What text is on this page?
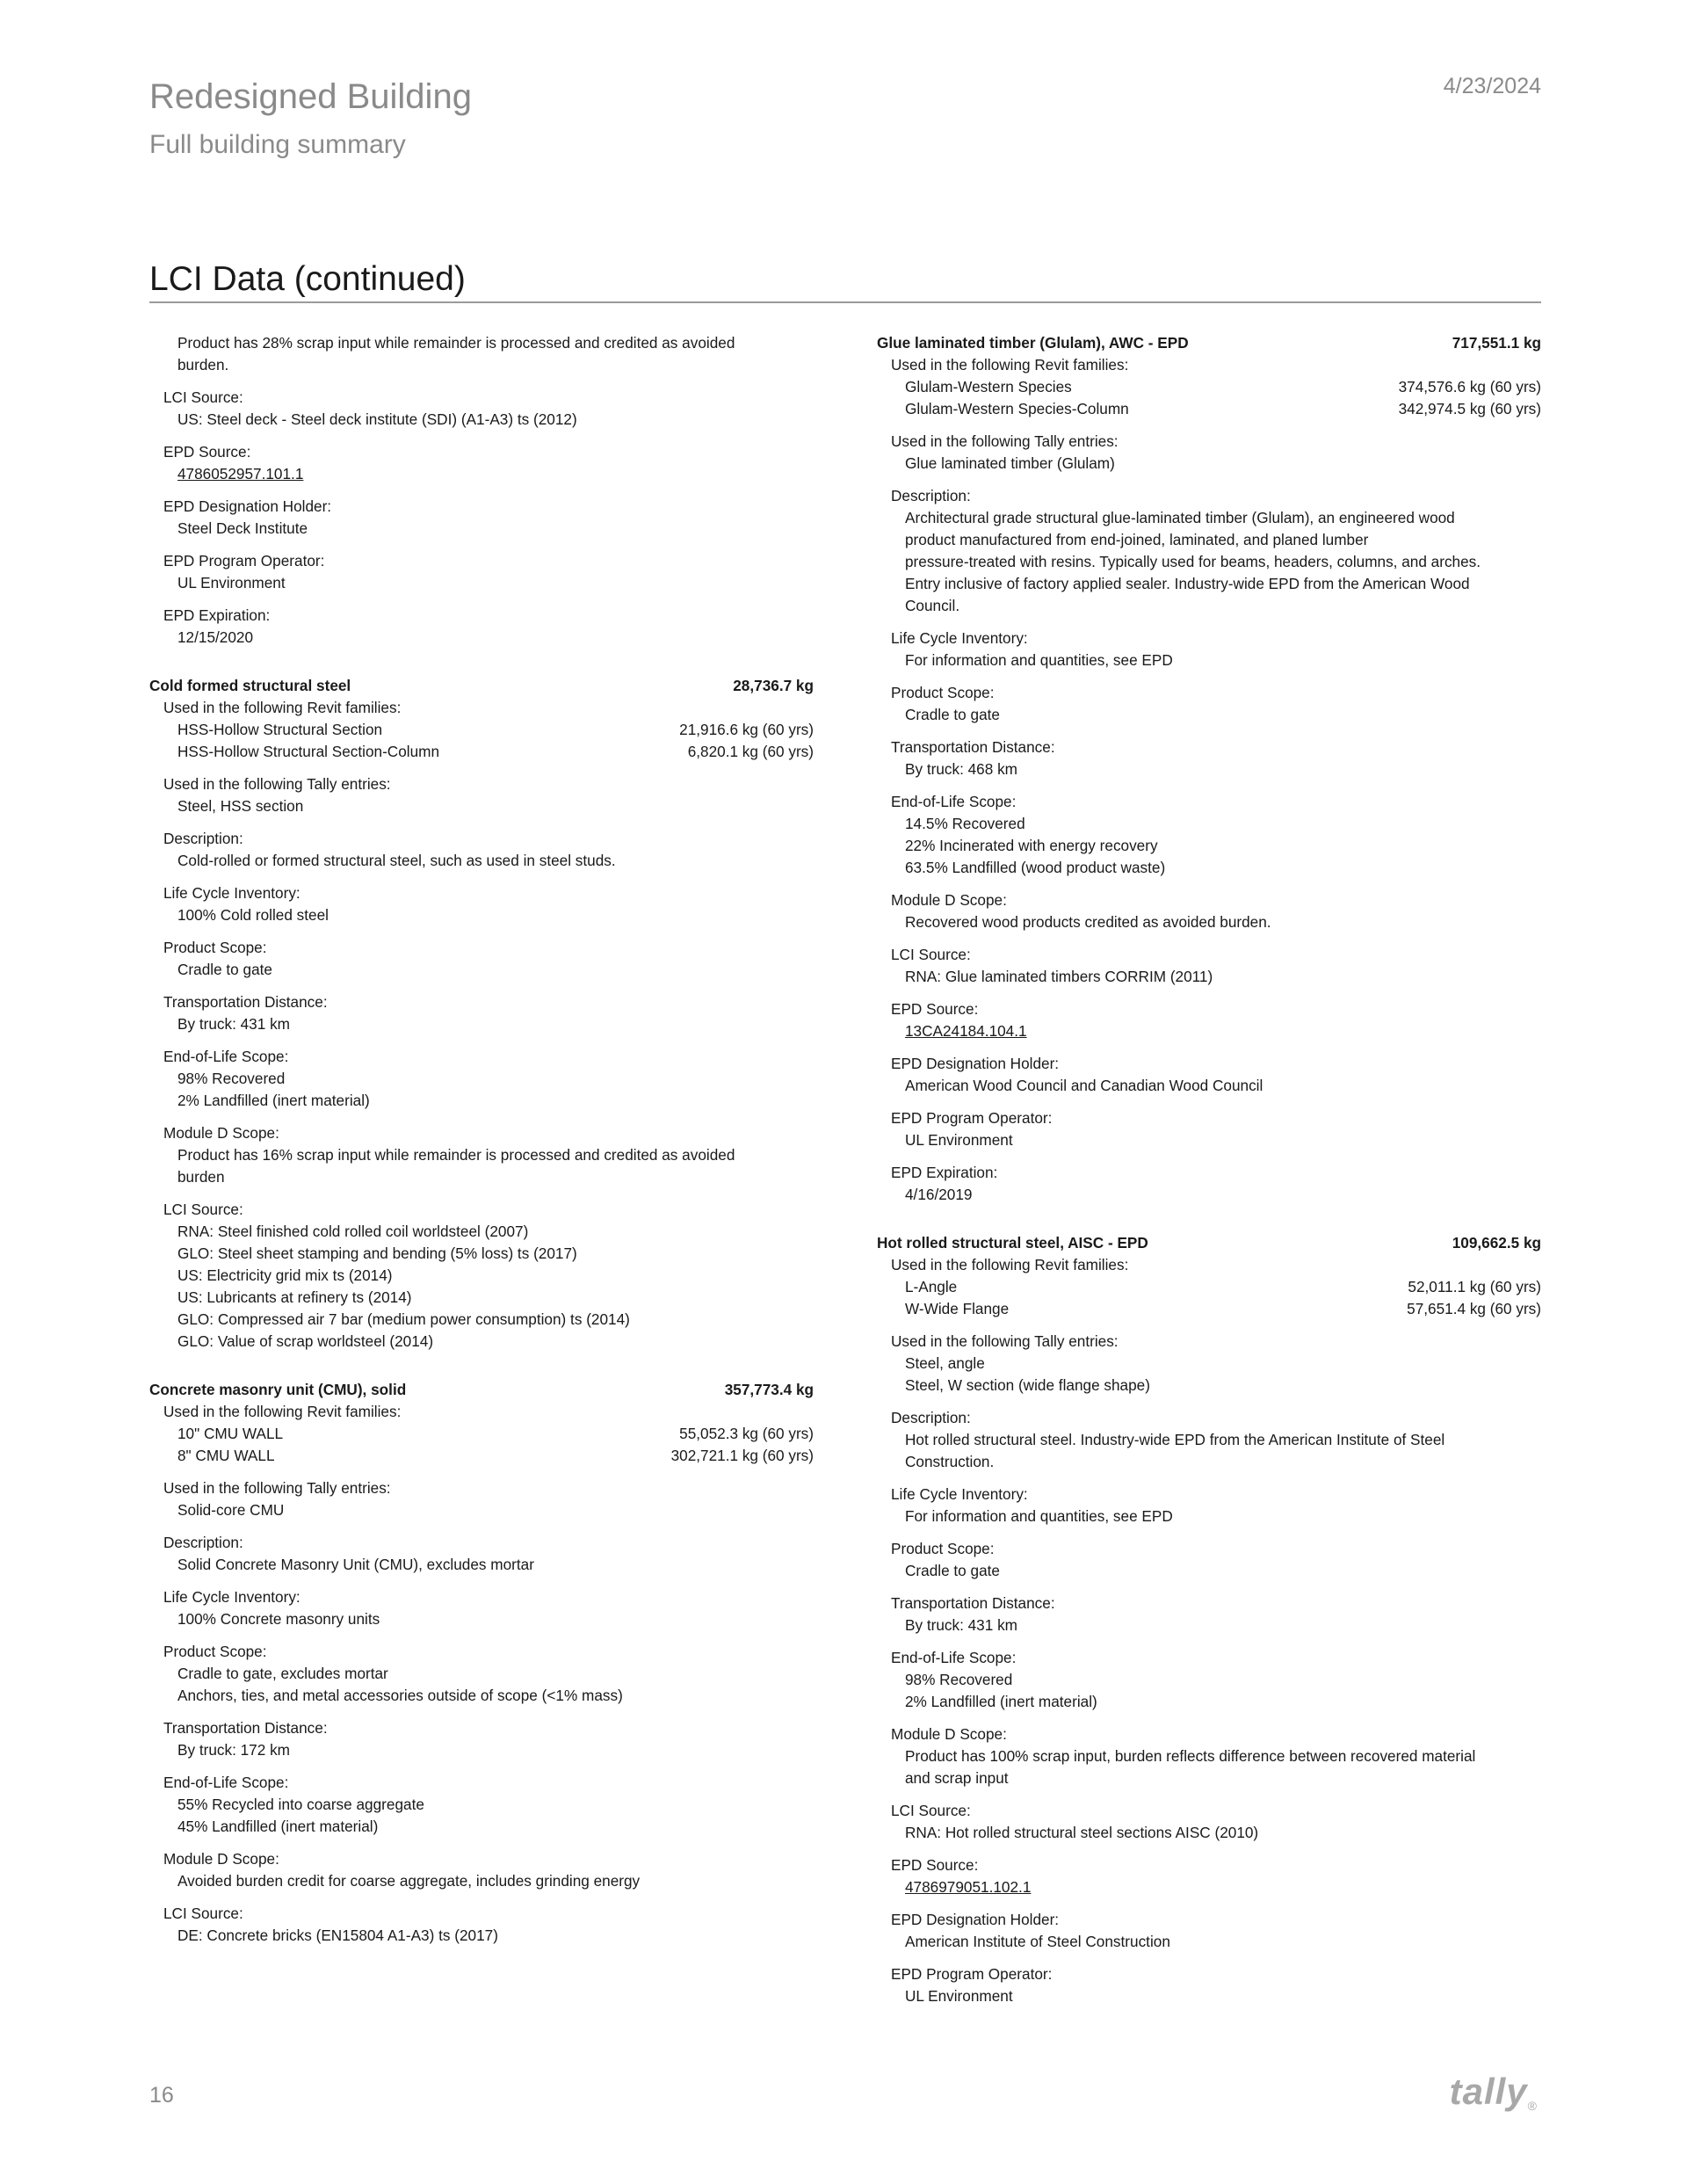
Redesigned Building
Full building summary
4/23/2024
LCI Data (continued)
Product has 28% scrap input while remainder is processed and credited as avoided
burden.
LCI Source:
US: Steel deck - Steel deck institute (SDI) (A1-A3) ts (2012)
EPD Source:
4786052957.101.1
EPD Designation Holder:
Steel Deck Institute
EPD Program Operator:
UL Environment
EPD Expiration:
12/15/2020
Cold formed structural steel	28,736.7 kg
Used in the following Revit families:
HSS-Hollow Structural Section	21,916.6 kg (60 yrs)
HSS-Hollow Structural Section-Column	6,820.1 kg (60 yrs)
Used in the following Tally entries:
Steel, HSS section
Description:
Cold-rolled or formed structural steel, such as used in steel studs.
Life Cycle Inventory:
100% Cold rolled steel
Product Scope:
Cradle to gate
Transportation Distance:
By truck: 431 km
End-of-Life Scope:
98% Recovered
2% Landfilled (inert material)
Module D Scope:
Product has 16% scrap input while remainder is processed and credited as avoided
burden
LCI Source:
RNA: Steel finished cold rolled coil worldsteel (2007)
GLO: Steel sheet stamping and bending (5% loss) ts (2017)
US: Electricity grid mix ts (2014)
US: Lubricants at refinery ts (2014)
GLO: Compressed air 7 bar (medium power consumption) ts (2014)
GLO: Value of scrap worldsteel (2014)
Concrete masonry unit (CMU), solid	357,773.4 kg
Used in the following Revit families:
10" CMU WALL	55,052.3 kg (60 yrs)
8" CMU WALL	302,721.1 kg (60 yrs)
Used in the following Tally entries:
Solid-core CMU
Description:
Solid Concrete Masonry Unit (CMU), excludes mortar
Life Cycle Inventory:
100% Concrete masonry units
Product Scope:
Cradle to gate, excludes mortar
Anchors, ties, and metal accessories outside of scope (<1% mass)
Transportation Distance:
By truck: 172 km
End-of-Life Scope:
55% Recycled into coarse aggregate
45% Landfilled (inert material)
Module D Scope:
Avoided burden credit for coarse aggregate, includes grinding energy
LCI Source:
DE: Concrete bricks (EN15804 A1-A3) ts (2017)
Glue laminated timber (Glulam), AWC - EPD	717,551.1 kg
Used in the following Revit families:
Glulam-Western Species	374,576.6 kg (60 yrs)
Glulam-Western Species-Column	342,974.5 kg (60 yrs)
Used in the following Tally entries:
Glue laminated timber (Glulam)
Description:
Architectural grade structural glue-laminated timber (Glulam), an engineered wood
product manufactured from end-joined, laminated, and planed lumber
pressure-treated with resins. Typically used for beams, headers, columns, and arches.
Entry inclusive of factory applied sealer. Industry-wide EPD from the American Wood
Council.
Life Cycle Inventory:
For information and quantities, see EPD
Product Scope:
Cradle to gate
Transportation Distance:
By truck: 468 km
End-of-Life Scope:
14.5% Recovered
22% Incinerated with energy recovery
63.5% Landfilled (wood product waste)
Module D Scope:
Recovered wood products credited as avoided burden.
LCI Source:
RNA: Glue laminated timbers CORRIM (2011)
EPD Source:
13CA24184.104.1
EPD Designation Holder:
American Wood Council and Canadian Wood Council
EPD Program Operator:
UL Environment
EPD Expiration:
4/16/2019
Hot rolled structural steel, AISC - EPD	109,662.5 kg
Used in the following Revit families:
L-Angle	52,011.1 kg (60 yrs)
W-Wide Flange	57,651.4 kg (60 yrs)
Used in the following Tally entries:
Steel, angle
Steel, W section (wide flange shape)
Description:
Hot rolled structural steel. Industry-wide EPD from the American Institute of Steel
Construction.
Life Cycle Inventory:
For information and quantities, see EPD
Product Scope:
Cradle to gate
Transportation Distance:
By truck: 431 km
End-of-Life Scope:
98% Recovered
2% Landfilled (inert material)
Module D Scope:
Product has 100% scrap input, burden reflects difference between recovered material
and scrap input
LCI Source:
RNA: Hot rolled structural steel sections AISC (2010)
EPD Source:
4786979051.102.1
EPD Designation Holder:
American Institute of Steel Construction
EPD Program Operator:
UL Environment
16	tally®
